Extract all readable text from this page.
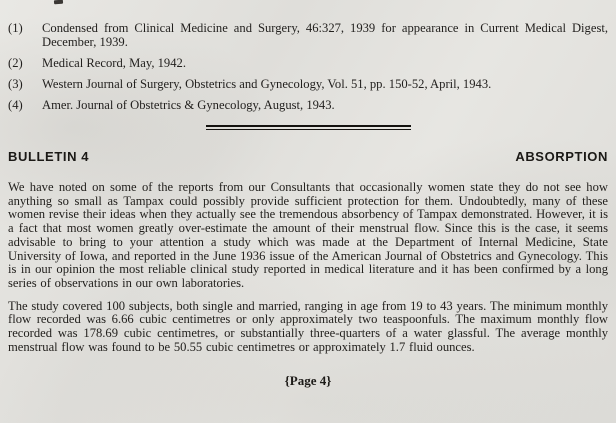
(1)	Condensed from Clinical Medicine and Surgery, 46:327, 1939 for appearance in Current Medical Digest, December, 1939.
(2)	Medical Record, May, 1942.
(3)	Western Journal of Surgery, Obstetrics and Gynecology, Vol. 51, pp. 150-52, April, 1943.
(4)	Amer. Journal of Obstetrics & Gynecology, August, 1943.
BULLETIN 4	ABSORPTION
We have noted on some of the reports from our Consultants that occasionally women state they do not see how anything so small as Tampax could possibly provide sufficient protection for them. Undoubtedly, many of these women revise their ideas when they actually see the tremendous absorbency of Tampax demonstrated. However, it is a fact that most women greatly over-estimate the amount of their menstrual flow. Since this is the case, it seems advisable to bring to your attention a study which was made at the Department of Internal Medicine, State University of Iowa, and reported in the June 1936 issue of the American Journal of Obstetrics and Gynecology. This is in our opinion the most reliable clinical study reported in medical literature and it has been confirmed by a long series of observations in our own laboratories.
The study covered 100 subjects, both single and married, ranging in age from 19 to 43 years. The minimum monthly flow recorded was 6.66 cubic centimetres or only approximately two teaspoonfuls. The maximum monthly flow recorded was 178.69 cubic centimetres, or substantially three-quarters of a water glassful. The average monthly menstrual flow was found to be 50.55 cubic centimetres or approximately 1.7 fluid ounces.
{Page 4}
